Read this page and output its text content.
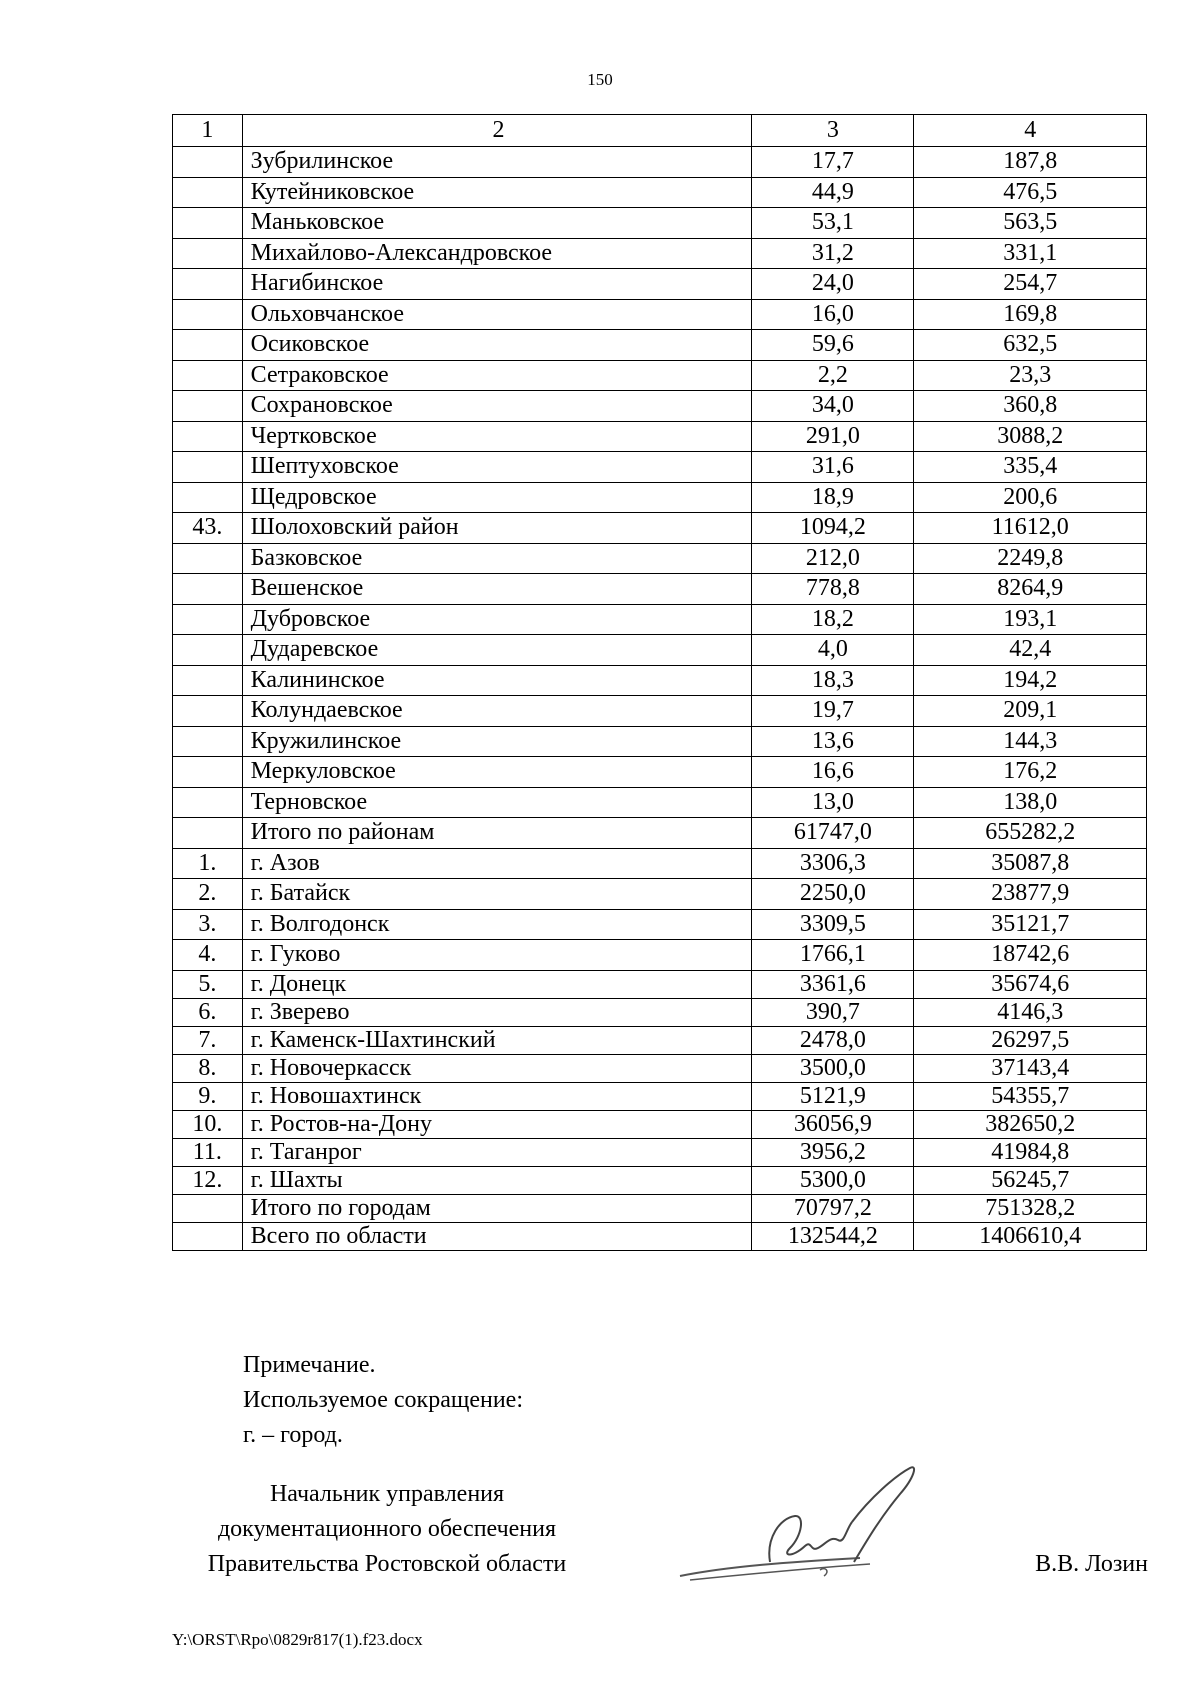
150
1	2	3	4
	Зубрилинское	17,7	187,8
	Кутейниковское	44,9	476,5
	Маньковское	53,1	563,5
	Михайлово-Александровское	31,2	331,1
	Нагибинское	24,0	254,7
	Ольховчанское	16,0	169,8
	Осиковское	59,6	632,5
	Сетраковское	2,2	23,3
	Сохрановское	34,0	360,8
	Чертковское	291,0	3088,2
	Шептуховское	31,6	335,4
	Щедровское	18,9	200,6
43.	Шолоховский район	1094,2	11612,0
	Базковское	212,0	2249,8
	Вешенское	778,8	8264,9
	Дубровское	18,2	193,1
	Дударевское	4,0	42,4
	Калининское	18,3	194,2
	Колундаевское	19,7	209,1
	Кружилинское	13,6	144,3
	Меркуловское	16,6	176,2
	Терновское	13,0	138,0
	Итого по районам	61747,0	655282,2
1.	г. Азов	3306,3	35087,8
2.	г. Батайск	2250,0	23877,9
3.	г. Волгодонск	3309,5	35121,7
4.	г. Гуково	1766,1	18742,6
5.	г. Донецк	3361,6	35674,6
6.	г. Зверево	390,7	4146,3
7.	г. Каменск-Шахтинский	2478,0	26297,5
8.	г. Новочеркасск	3500,0	37143,4
9.	г. Новошахтинск	5121,9	54355,7
10.	г. Ростов-на-Дону	36056,9	382650,2
11.	г. Таганрог	3956,2	41984,8
12.	г. Шахты	5300,0	56245,7
	Итого по городам	70797,2	751328,2
	Всего по области	132544,2	1406610,4
Примечание.
Используемое сокращение:
г. – город.
Начальник управления
документационного обеспечения
Правительства Ростовской области	В.В. Лозин
Y:\ORST\Rpo\0829r817(1).f23.docx
